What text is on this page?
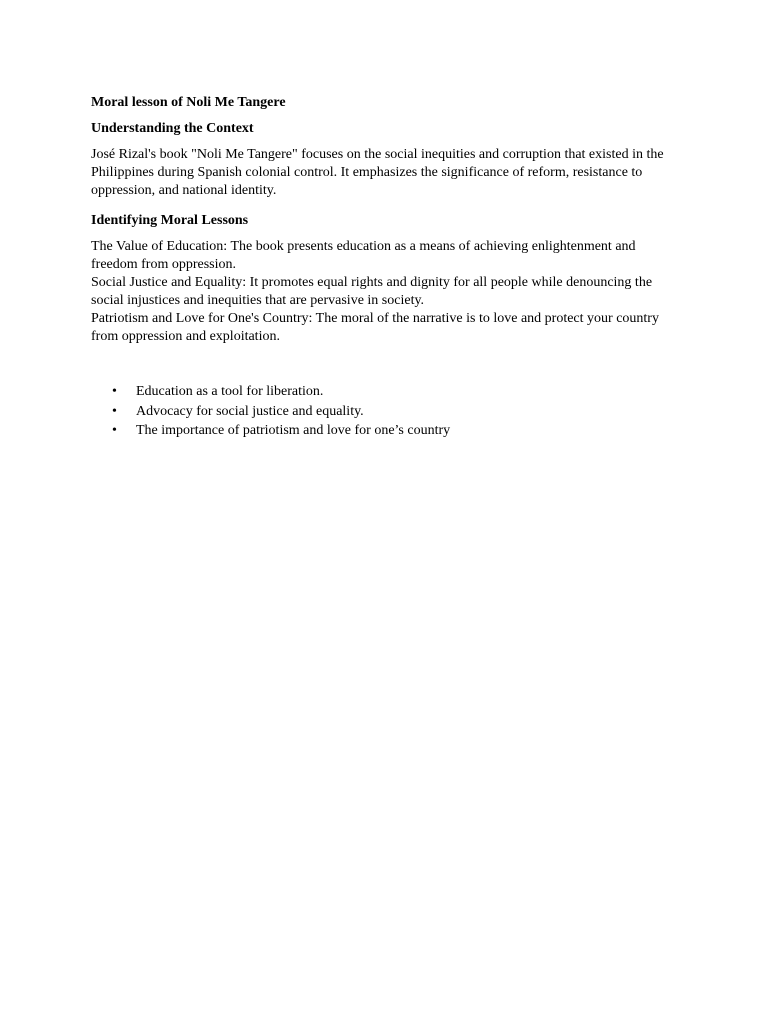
Moral lesson of Noli Me Tangere
Understanding the Context

José Rizal's book "Noli Me Tangere" focuses on the social inequities and corruption that existed in the Philippines during Spanish colonial control. It emphasizes the significance of reform, resistance to oppression, and national identity.

Identifying Moral Lessons

The Value of Education: The book presents education as a means of achieving enlightenment and freedom from oppression.

Social Justice and Equality: It promotes equal rights and dignity for all people while denouncing the social injustices and inequities that are pervasive in society.

Patriotism and Love for One's Country: The moral of the narrative is to love and protect your country from oppression and exploitation.

• Education as a tool for liberation.
• Advocacy for social justice and equality.
• The importance of patriotism and love for one’s country
